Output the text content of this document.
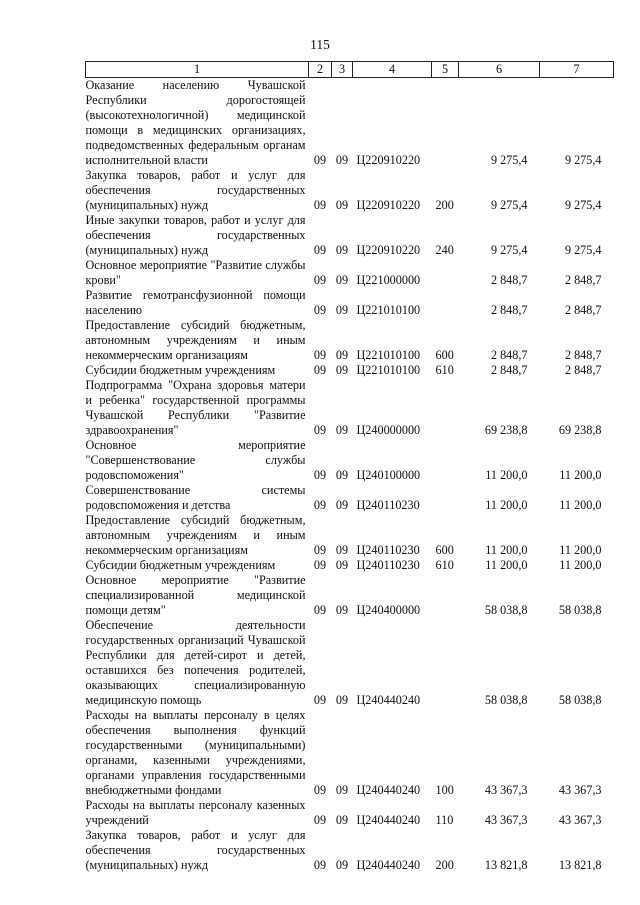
115
1	2	3	4	5	6	7
Оказание населению Чувашской Республики дорогостоящей (высокотехнологичной) медицинской помощи в медицинских организациях, подведомственных федеральным органам исполнительной власти	09	09	Ц220910220		9 275,4	9 275,4
Закупка товаров, работ и услуг для обеспечения государственных (муниципальных) нужд	09	09	Ц220910220	200	9 275,4	9 275,4
Иные закупки товаров, работ и услуг для обеспечения государственных (муниципальных) нужд	09	09	Ц220910220	240	9 275,4	9 275,4
Основное мероприятие "Развитие службы крови"	09	09	Ц221000000		2 848,7	2 848,7
Развитие гемотрансфузионной помощи населению	09	09	Ц221010100		2 848,7	2 848,7
Предоставление субсидий бюджетным, автономным учреждениям и иным некоммерческим организациям	09	09	Ц221010100	600	2 848,7	2 848,7
Субсидии бюджетным учреждениям	09	09	Ц221010100	610	2 848,7	2 848,7
Подпрограмма "Охрана здоровья матери и ребенка" государственной программы Чувашской Республики "Развитие здравоохранения"	09	09	Ц240000000		69 238,8	69 238,8
Основное мероприятие "Совершенствование службы родовспоможения"	09	09	Ц240100000		11 200,0	11 200,0
Совершенствование системы родовспоможения и детства	09	09	Ц240110230		11 200,0	11 200,0
Предоставление субсидий бюджетным, автономным учреждениям и иным некоммерческим организациям	09	09	Ц240110230	600	11 200,0	11 200,0
Субсидии бюджетным учреждениям	09	09	Ц240110230	610	11 200,0	11 200,0
Основное мероприятие "Развитие специализированной медицинской помощи детям"	09	09	Ц240400000		58 038,8	58 038,8
Обеспечение деятельности государственных организаций Чувашской Республики для детей-сирот и детей, оставшихся без попечения родителей, оказывающих специализированную медицинскую помощь	09	09	Ц240440240		58 038,8	58 038,8
Расходы на выплаты персоналу в целях обеспечения выполнения функций государственными (муниципальными) органами, казенными учреждениями, органами управления государственными внебюджетными фондами	09	09	Ц240440240	100	43 367,3	43 367,3
Расходы на выплаты персоналу казенных учреждений	09	09	Ц240440240	110	43 367,3	43 367,3
Закупка товаров, работ и услуг для обеспечения государственных (муниципальных) нужд	09	09	Ц240440240	200	13 821,8	13 821,8
